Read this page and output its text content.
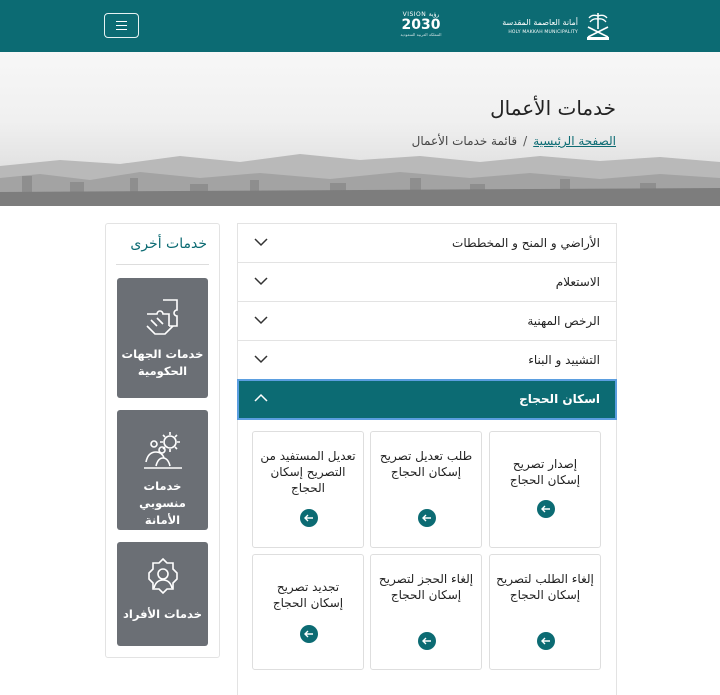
VISION رؤية
2030
المملكة العربية السعودية
أمانة العاصمة المقدسة
HOLY MAKKAH MUNICIPALITY
خدمات الأعمال
الصفحة الرئيسية/قائمة خدمات الأعمال
خدمات أخرى
خدمات الجهات الحكومية
خدمات منسوبي الأمانة
خدمات الأفراد
الأراضي و المنح و المخططات
الاستعلام
الرخص المهنية
التشييد و البناء
اسكان الحجاج
إصدار تصريح إسكان الحجاج
طلب تعديل تصريح إسكان الحجاج
تعديل المستفيد من التصريح إسكان الحجاج
إلغاء الطلب لتصريح إسكان الحجاج
إلغاء الحجز لتصريح إسكان الحجاج
تجديد تصريح إسكان الحجاج
